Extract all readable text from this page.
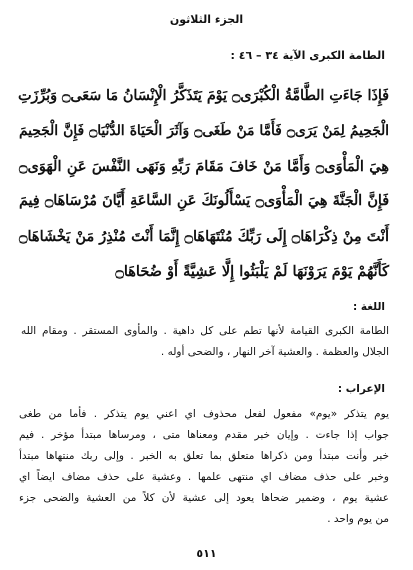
الجزء الثلاثون
الطامة الكبرى الآية ٣٤ – ٤٦ :
فَإِذَا جَاءَتِ الطَّامَّةُ الْكُبْرَى۝ يَوْمَ يَتَذَكَّرُ الْإِنْسَانُ مَا سَعَى۝ وَبُرِّزَتِ
الْجَحِيمُ لِمَنْ يَرَى۝ فَأَمَّا مَنْ طَغَى۝ وَآثَرَ الْحَيَاةَ الدُّنْيَا۝ فَإِنَّ الْجَحِيمَ
هِيَ الْمَأْوَى۝ وَأَمَّا مَنْ خَافَ مَقَامَ رَبِّهِ وَنَهَى النَّفْسَ عَنِ الْهَوَى۝
فَإِنَّ الْجَنَّةَ هِيَ الْمَأْوَى۝ يَسْأَلُونَكَ عَنِ السَّاعَةِ أَيَّانَ مُرْسَاهَا۝ فِيمَ
أَنْتَ مِنْ ذِكْرَاهَا۝ إِلَى رَبِّكَ مُنْتَهَاهَا۝ إِنَّمَا أَنْتَ مُنْذِرُ مَنْ يَخْشَاهَا۝
كَأَنَّهُمْ يَوْمَ يَرَوْنَهَا لَمْ يَلْبَثُوا إِلَّا عَشِيَّةً أَوْ ضُحَاهَا۝
اللغة :
الطامة الكبرى القيامة لأنها تطم على كل داهية . والمأوى المستقر . ومقام الله
الجلال والعظمة . والعشية آخر النهار ، والضحى أوله .
الإعراب :
يوم يتذكر «يوم» مفعول لفعل محذوف اي اعني يوم يتذكر . فأما من طغى
جواب إذا جاءت . وإيان خبر مقدم ومعناها متى ، ومرساها مبتدأ مؤخر . فيم
خبر وأنت مبتدأ ومن ذكراها متعلق بما تعلق به الخبر . وإلى ربك منتهاها مبتدأ
وخبر على حذف مضاف اي منتهى علمها . وعشية على حذف مضاف ايضاً اي
عشية يوم ، وضمير ضحاها يعود إلى عشية لأن كلاً من العشية والضحى جزء
من يوم واحد .
٥١١
